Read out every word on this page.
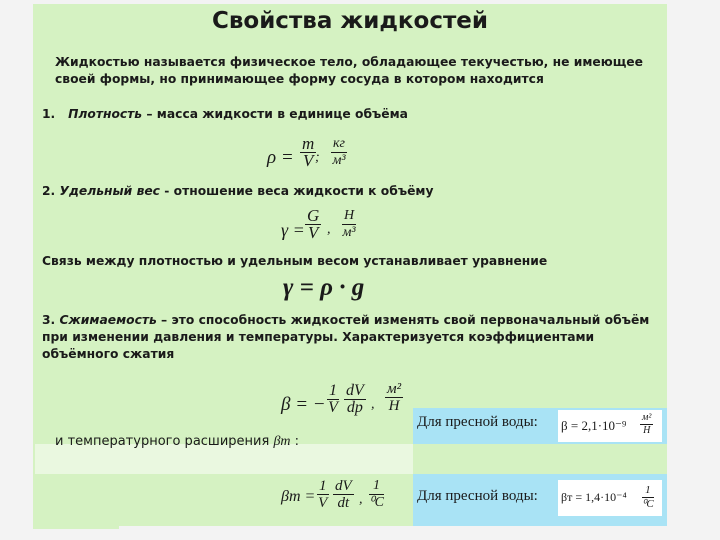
Свойства жидкостей
Жидкостью называется физическое тело, обладающее текучестью, не имеющее своей формы, но принимающее форму сосуда в котором находится
1. Плотность – масса жидкости в единице объёма
$\rho = \frac{m}{V}$
;
кг
м³
2. Удельный вес - отношение веса жидкости к объёму
$\gamma = \frac{G}{V}$ ,
Н
м³
Связь между плотностью и удельным весом устанавливает уравнение
γ = ρ · g
3. Сжимаемость – это способность жидкостей изменять свой первоначальный объём при изменении давления и температуры. Характеризуется коэффициентами объёмного сжатия
β = − $\frac{1}{V} \frac{dV}{dp}$ ,
м²
Н
Для пресной воды: β = 2,1·10⁻⁹
м²
Н
и температурного расширения βт :
$\beta т = \frac{1}{V} \frac{dV}{dt}$ , $\frac{1}{\text{⁰C}}$ Для пресной воды: $\beta т = 1,4\cdot 10^{-4} \frac{1}{\text{⁰C}}$
